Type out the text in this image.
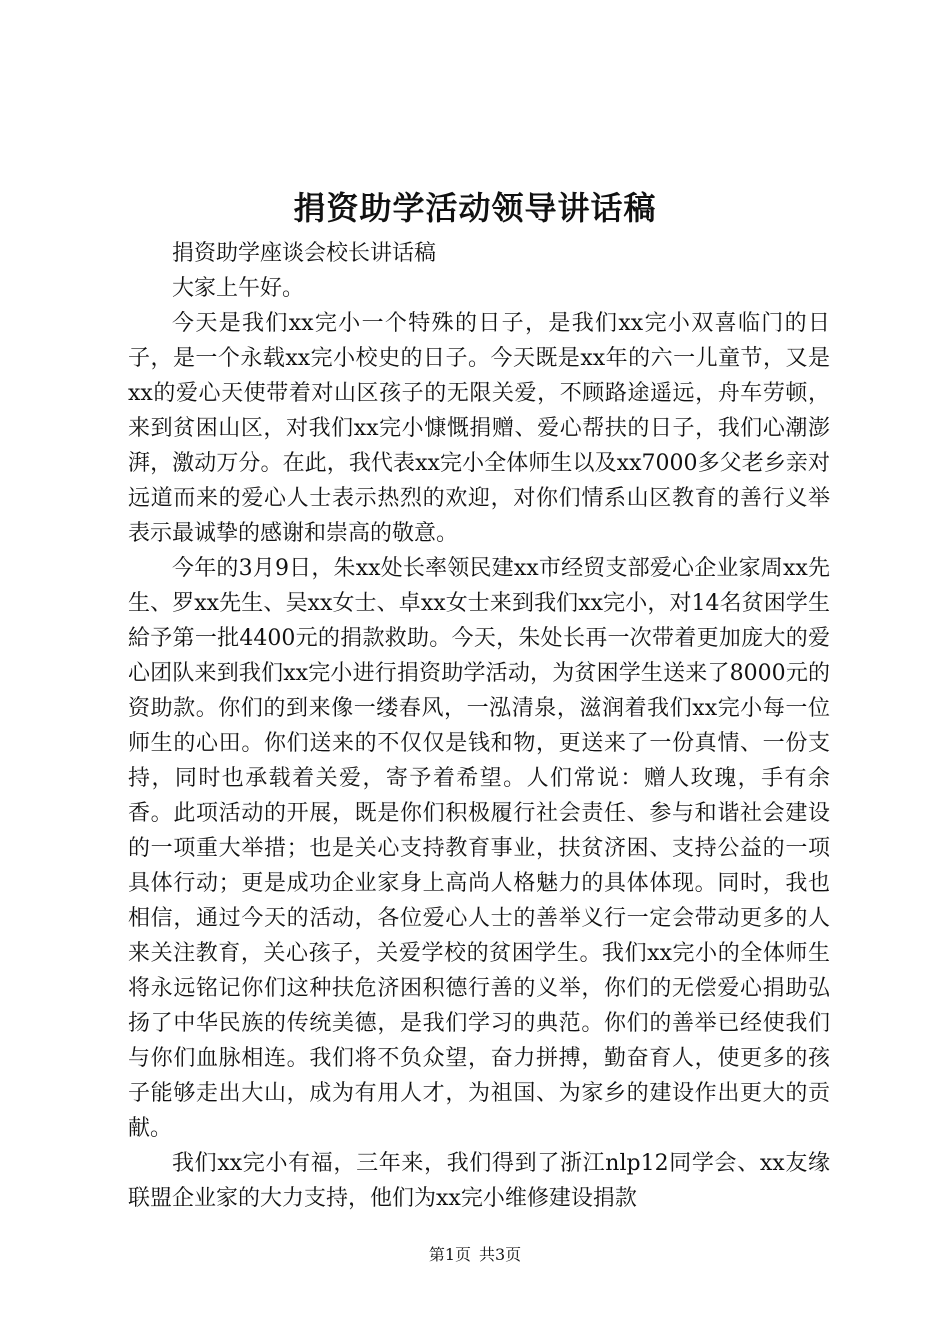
捐资助学活动领导讲话稿

捐资助学座谈会校长讲话稿

大家上午好。

今天是我们xx完小一个特殊的日子，是我们xx完小双喜临门的日子，是一个永载xx完小校史的日子。今天既是xx年的六一儿童节，又是xx的爱心天使带着对山区孩子的无限关爱，不顾路途遥远，舟车劳顿，来到贫困山区，对我们xx完小慷慨捐赠、爱心帮扶的日子，我们心潮澎湃，激动万分。在此，我代表xx完小全体师生以及xx7000多父老乡亲对远道而来的爱心人士表示热烈的欢迎，对你们情系山区教育的善行义举表示最诚挚的感谢和崇高的敬意。

今年的3月9日，朱xx处长率领民建xx市经贸支部爱心企业家周xx先生、罗xx先生、吴xx女士、卓xx女士来到我们xx完小，对14名贫困学生給予第一批4400元的捐款救助。今天，朱处长再一次带着更加庞大的爱心团队来到我们xx完小进行捐资助学活动，为贫困学生送来了8000元的资助款。你们的到来像一缕春风，一泓清泉，滋润着我们xx完小每一位师生的心田。你们送来的不仅仅是钱和物，更送来了一份真情、一份支持，同时也承载着关爱，寄予着希望。人们常说：赠人玫瑰，手有余香。此项活动的开展，既是你们积极履行社会责任、参与和谐社会建设的一项重大举措；也是关心支持教育事业，扶贫济困、支持公益的一项具体行动；更是成功企业家身上高尚人格魅力的具体体现。同时，我也相信，通过今天的活动，各位爱心人士的善举义行一定会带动更多的人来关注教育，关心孩子，关爱学校的贫困学生。我们xx完小的全体师生将永远铭记你们这种扶危济困积德行善的义举，你们的无偿爱心捐助弘扬了中华民族的传统美德，是我们学习的典范。你们的善举已经使我们与你们血脉相连。我们将不负众望，奋力拼搏，勤奋育人，使更多的孩子能够走出大山，成为有用人才，为祖国、为家乡的建设作出更大的贡献。

我们xx完小有福，三年来，我们得到了浙江nlp12同学会、xx友缘联盟企业家的大力支持，他们为xx完小维修建设捐款

第1页 共3页
